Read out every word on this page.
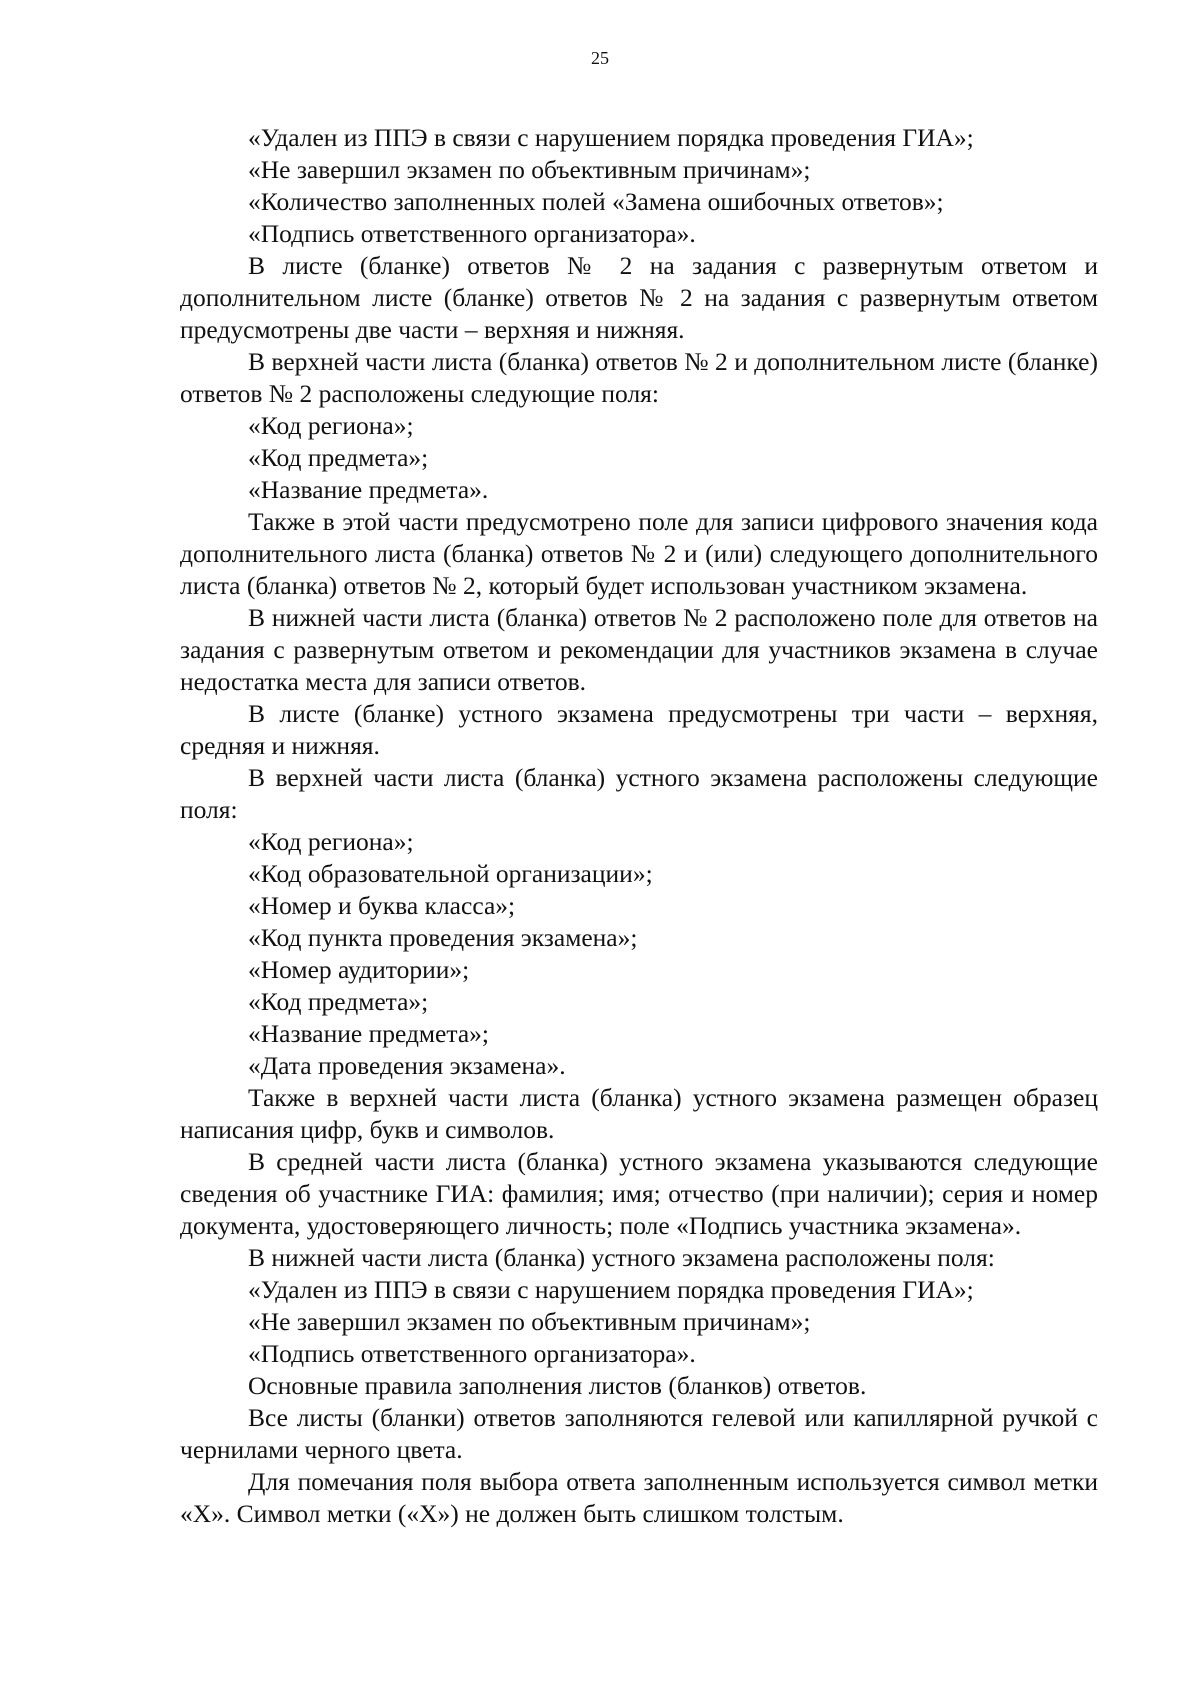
25

«Удален из ППЭ в связи с нарушением порядка проведения ГИА»;

«Не завершил экзамен по объективным причинам»;

«Количество заполненных полей «Замена ошибочных ответов»;

«Подпись ответственного организатора».

В листе (бланке) ответов № 2 на задания с развернутым ответом и дополнительном листе (бланке) ответов № 2 на задания с развернутым ответом предусмотрены две части – верхняя и нижняя.

В верхней части листа (бланка) ответов № 2 и дополнительном листе (бланке) ответов № 2 расположены следующие поля:

«Код региона»;

«Код предмета»;

«Название предмета».

Также в этой части предусмотрено поле для записи цифрового значения кода дополнительного листа (бланка) ответов № 2 и (или) следующего дополнительного листа (бланка) ответов № 2, который будет использован участником экзамена.

В нижней части листа (бланка) ответов № 2 расположено поле для ответов на задания с развернутым ответом и рекомендации для участников экзамена в случае недостатка места для записи ответов.

В листе (бланке) устного экзамена предусмотрены три части – верхняя, средняя и нижняя.

В верхней части листа (бланка) устного экзамена расположены следующие поля:

«Код региона»;

«Код образовательной организации»;

«Номер и буква класса»;

«Код пункта проведения экзамена»;

«Номер аудитории»;

«Код предмета»;

«Название предмета»;

«Дата проведения экзамена».

Также в верхней части листа (бланка) устного экзамена размещен образец написания цифр, букв и символов.

В средней части листа (бланка) устного экзамена указываются следующие сведения об участнике ГИА: фамилия; имя; отчество (при наличии); серия и номер документа, удостоверяющего личность; поле «Подпись участника экзамена».

В нижней части листа (бланка) устного экзамена расположены поля:

«Удален из ППЭ в связи с нарушением порядка проведения ГИА»;

«Не завершил экзамен по объективным причинам»;

«Подпись ответственного организатора».

Основные правила заполнения листов (бланков) ответов.

Все листы (бланки) ответов заполняются гелевой или капиллярной ручкой с чернилами черного цвета.

Для помечания поля выбора ответа заполненным используется символ метки «X». Символ метки («X») не должен быть слишком толстым.
